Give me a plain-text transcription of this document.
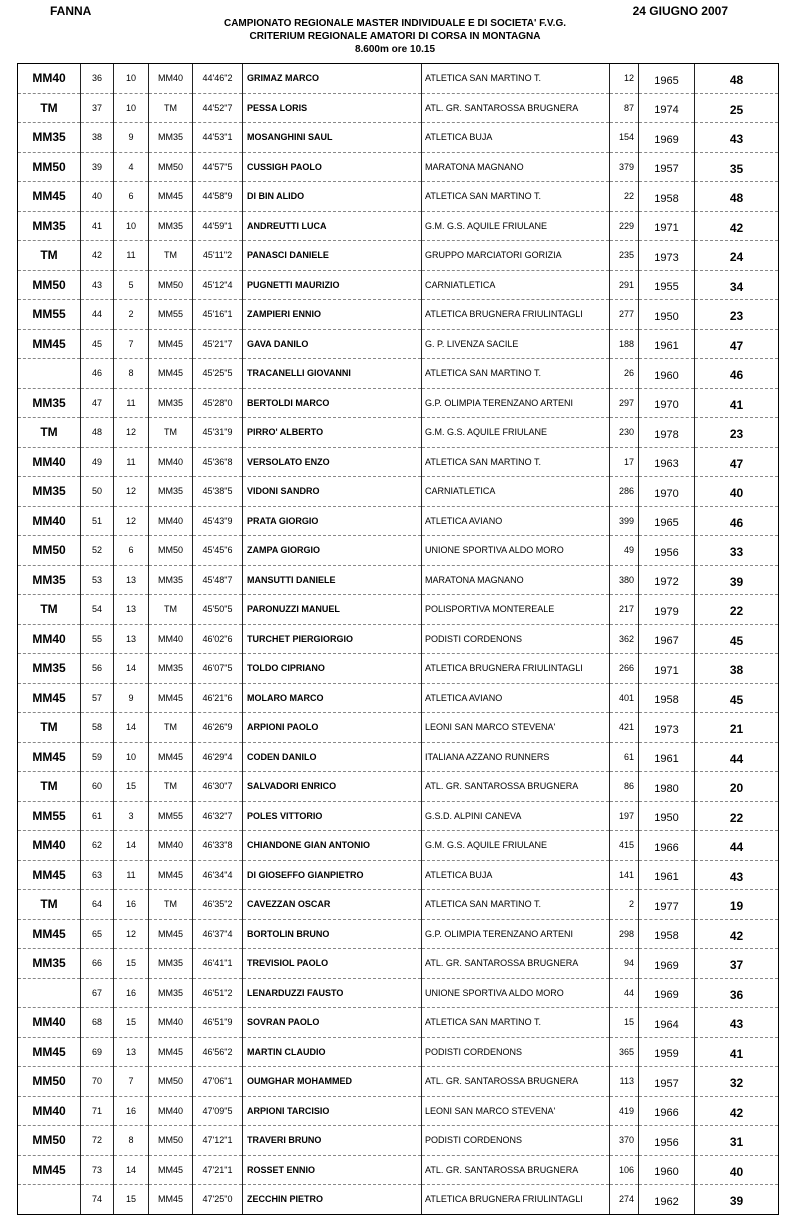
FANNA	24 GIUGNO 2007
CAMPIONATO REGIONALE MASTER INDIVIDUALE E DI SOCIETA' F.V.G.
CRITERIUM REGIONALE AMATORI DI CORSA IN MONTAGNA
8.600m ore 10.15
MM40	36	10	MM40	44'46"2	GRIMAZ MARCO	ATLETICA SAN MARTINO T.	12	1965	48
TM	37	10	TM	44'52"7	PESSA LORIS	ATL. GR. SANTAROSSA BRUGNERA	87	1974	25
MM35	38	9	MM35	44'53"1	MOSANGHINI SAUL	ATLETICA BUJA	154	1969	43
MM50	39	4	MM50	44'57"5	CUSSIGH PAOLO	MARATONA MAGNANO	379	1957	35
MM45	40	6	MM45	44'58"9	DI BIN ALIDO	ATLETICA SAN MARTINO T.	22	1958	48
MM35	41	10	MM35	44'59"1	ANDREUTTI LUCA	G.M. G.S. AQUILE FRIULANE	229	1971	42
TM	42	11	TM	45'11"2	PANASCI DANIELE	GRUPPO MARCIATORI GORIZIA	235	1973	24
MM50	43	5	MM50	45'12"4	PUGNETTI MAURIZIO	CARNIATLETICA	291	1955	34
MM55	44	2	MM55	45'16"1	ZAMPIERI ENNIO	ATLETICA BRUGNERA FRIULINTAGLI	277	1950	23
MM45	45	7	MM45	45'21"7	GAVA DANILO	G. P. LIVENZA SACILE	188	1961	47
	46	8	MM45	45'25"5	TRACANELLI GIOVANNI	ATLETICA SAN MARTINO T.	26	1960	46
MM35	47	11	MM35	45'28"0	BERTOLDI MARCO	G.P. OLIMPIA TERENZANO ARTENI	297	1970	41
TM	48	12	TM	45'31"9	PIRRO' ALBERTO	G.M. G.S. AQUILE FRIULANE	230	1978	23
MM40	49	11	MM40	45'36"8	VERSOLATO ENZO	ATLETICA SAN MARTINO T.	17	1963	47
MM35	50	12	MM35	45'38"5	VIDONI SANDRO	CARNIATLETICA	286	1970	40
MM40	51	12	MM40	45'43"9	PRATA GIORGIO	ATLETICA AVIANO	399	1965	46
MM50	52	6	MM50	45'45"6	ZAMPA GIORGIO	UNIONE SPORTIVA ALDO MORO	49	1956	33
MM35	53	13	MM35	45'48"7	MANSUTTI DANIELE	MARATONA MAGNANO	380	1972	39
TM	54	13	TM	45'50"5	PARONUZZI MANUEL	POLISPORTIVA MONTEREALE	217	1979	22
MM40	55	13	MM40	46'02"6	TURCHET PIERGIORGIO	PODISTI CORDENONS	362	1967	45
MM35	56	14	MM35	46'07"5	TOLDO CIPRIANO	ATLETICA BRUGNERA FRIULINTAGLI	266	1971	38
MM45	57	9	MM45	46'21"6	MOLARO MARCO	ATLETICA AVIANO	401	1958	45
TM	58	14	TM	46'26"9	ARPIONI PAOLO	LEONI SAN MARCO STEVENA'	421	1973	21
MM45	59	10	MM45	46'29"4	CODEN DANILO	ITALIANA AZZANO RUNNERS	61	1961	44
TM	60	15	TM	46'30"7	SALVADORI ENRICO	ATL. GR. SANTAROSSA BRUGNERA	86	1980	20
MM55	61	3	MM55	46'32"7	POLES VITTORIO	G.S.D. ALPINI CANEVA	197	1950	22
MM40	62	14	MM40	46'33"8	CHIANDONE GIAN ANTONIO	G.M. G.S. AQUILE FRIULANE	415	1966	44
MM45	63	11	MM45	46'34"4	DI GIOSEFFO GIANPIETRO	ATLETICA BUJA	141	1961	43
TM	64	16	TM	46'35"2	CAVEZZAN OSCAR	ATLETICA SAN MARTINO T.	2	1977	19
MM45	65	12	MM45	46'37"4	BORTOLIN BRUNO	G.P. OLIMPIA TERENZANO ARTENI	298	1958	42
MM35	66	15	MM35	46'41"1	TREVISIOL PAOLO	ATL. GR. SANTAROSSA BRUGNERA	94	1969	37
	67	16	MM35	46'51"2	LENARDUZZI FAUSTO	UNIONE SPORTIVA ALDO MORO	44	1969	36
MM40	68	15	MM40	46'51"9	SOVRAN PAOLO	ATLETICA SAN MARTINO T.	15	1964	43
MM45	69	13	MM45	46'56"2	MARTIN CLAUDIO	PODISTI CORDENONS	365	1959	41
MM50	70	7	MM50	47'06"1	OUMGHAR MOHAMMED	ATL. GR. SANTAROSSA BRUGNERA	113	1957	32
MM40	71	16	MM40	47'09"5	ARPIONI TARCISIO	LEONI SAN MARCO STEVENA'	419	1966	42
MM50	72	8	MM50	47'12"1	TRAVERI BRUNO	PODISTI CORDENONS	370	1956	31
MM45	73	14	MM45	47'21"1	ROSSET ENNIO	ATL. GR. SANTAROSSA BRUGNERA	106	1960	40
	74	15	MM45	47'25"0	ZECCHIN PIETRO	ATLETICA BRUGNERA FRIULINTAGLI	274	1962	39
